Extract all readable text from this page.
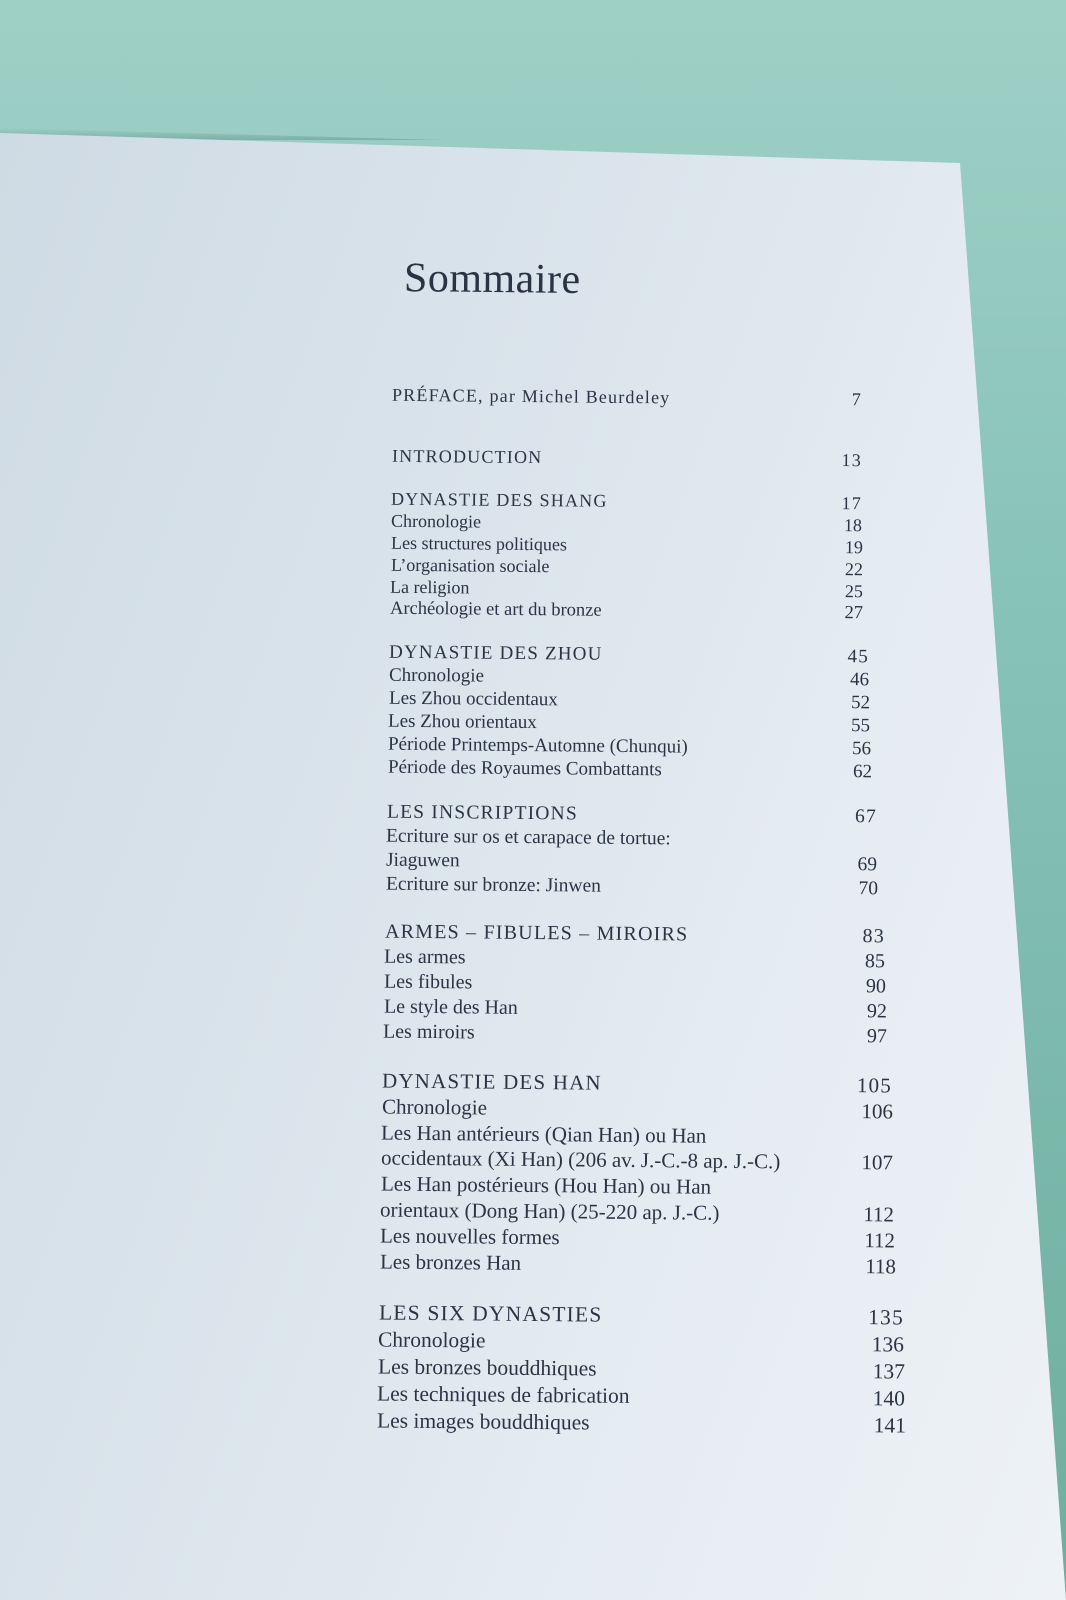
Sommaire
PRÉFACE, par Michel Beurdeley	7
INTRODUCTION	13
DYNASTIE DES SHANG	17
Chronologie	18
Les structures politiques	19
L’organisation sociale	22
La religion	25
Archéologie et art du bronze	27
DYNASTIE DES ZHOU	45
Chronologie	46
Les Zhou occidentaux	52
Les Zhou orientaux	55
Période Printemps-Automne (Chunqui)	56
Période des Royaumes Combattants	62
LES INSCRIPTIONS	67
Ecriture sur os et carapace de tortue:
Jiaguwen	69
Ecriture sur bronze: Jinwen	70
ARMES – FIBULES – MIROIRS	83
Les armes	85
Les fibules	90
Le style des Han	92
Les miroirs	97
DYNASTIE DES HAN	105
Chronologie	106
Les Han antérieurs (Qian Han) ou Han
occidentaux (Xi Han) (206 av. J.-C.-8 ap. J.-C.)	107
Les Han postérieurs (Hou Han) ou Han
orientaux (Dong Han) (25-220 ap. J.-C.)	112
Les nouvelles formes	112
Les bronzes Han	118
LES SIX DYNASTIES	135
Chronologie	136
Les bronzes bouddhiques	137
Les techniques de fabrication	140
Les images bouddhiques	141
